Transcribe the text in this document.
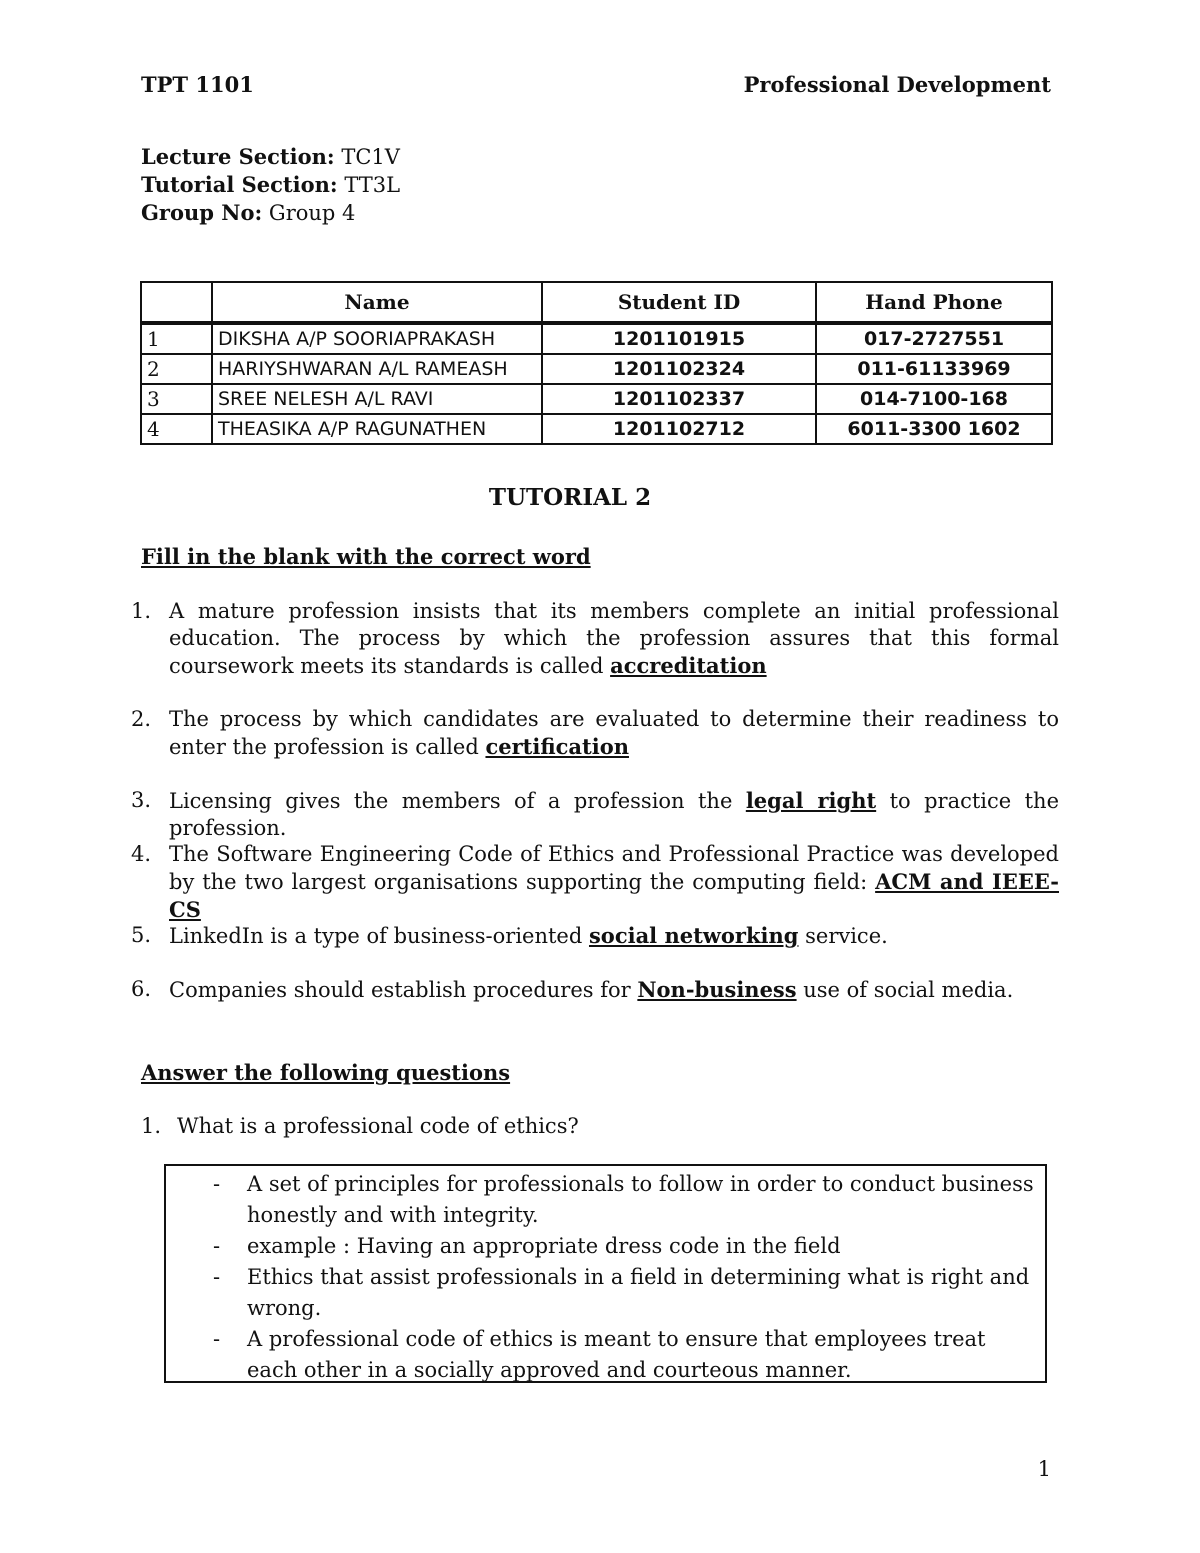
TPT 1101	Professional Development
Lecture Section: TC1V
Tutorial Section: TT3L
Group No: Group 4
	Name	Student ID	Hand Phone
1	DIKSHA A/P SOORIAPRAKASH	1201101915	017-2727551
2	HARIYSHWARAN A/L RAMEASH	1201102324	011-61133969
3	SREE NELESH A/L RAVI	1201102337	014-7100-168
4	THEASIKA A/P RAGUNATHEN	1201102712	6011-3300 1602
TUTORIAL 2
Fill in the blank with the correct word
1. A mature profession insists that its members complete an initial professional education. The process by which the profession assures that this formal coursework meets its standards is called accreditation
2. The process by which candidates are evaluated to determine their readiness to enter the profession is called certification
3. Licensing gives the members of a profession the legal right to practice the profession.
4. The Software Engineering Code of Ethics and Professional Practice was developed by the two largest organisations supporting the computing field: ACM and IEEE-CS
5. LinkedIn is a type of business-oriented social networking service.
6. Companies should establish procedures for Non-business use of social media.
Answer the following questions
1. What is a professional code of ethics?
- A set of principles for professionals to follow in order to conduct business honestly and with integrity.
- example : Having an appropriate dress code in the field
- Ethics that assist professionals in a field in determining what is right and wrong.
- A professional code of ethics is meant to ensure that employees treat each other in a socially approved and courteous manner.
1
